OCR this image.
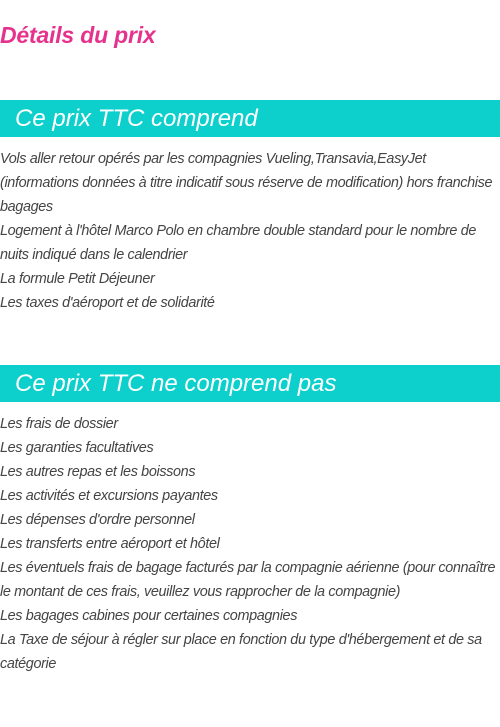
Détails du prix
Ce prix TTC comprend
Vols aller retour opérés par les compagnies Vueling,Transavia,EasyJet (informations données à titre indicatif sous réserve de modification) hors franchise bagages
Logement à l'hôtel Marco Polo en chambre double standard pour le nombre de nuits indiqué dans le calendrier
La formule Petit Déjeuner
Les taxes d'aéroport et de solidarité
Ce prix TTC ne comprend pas
Les frais de dossier
Les garanties facultatives
Les autres repas et les boissons
Les activités et excursions payantes
Les dépenses d'ordre personnel
Les transferts entre aéroport et hôtel
Les éventuels frais de bagage facturés par la compagnie aérienne (pour connaître le montant de ces frais, veuillez vous rapprocher de la compagnie)
Les bagages cabines pour certaines compagnies
La Taxe de séjour à régler sur place en fonction du type d'hébergement et de sa catégorie
